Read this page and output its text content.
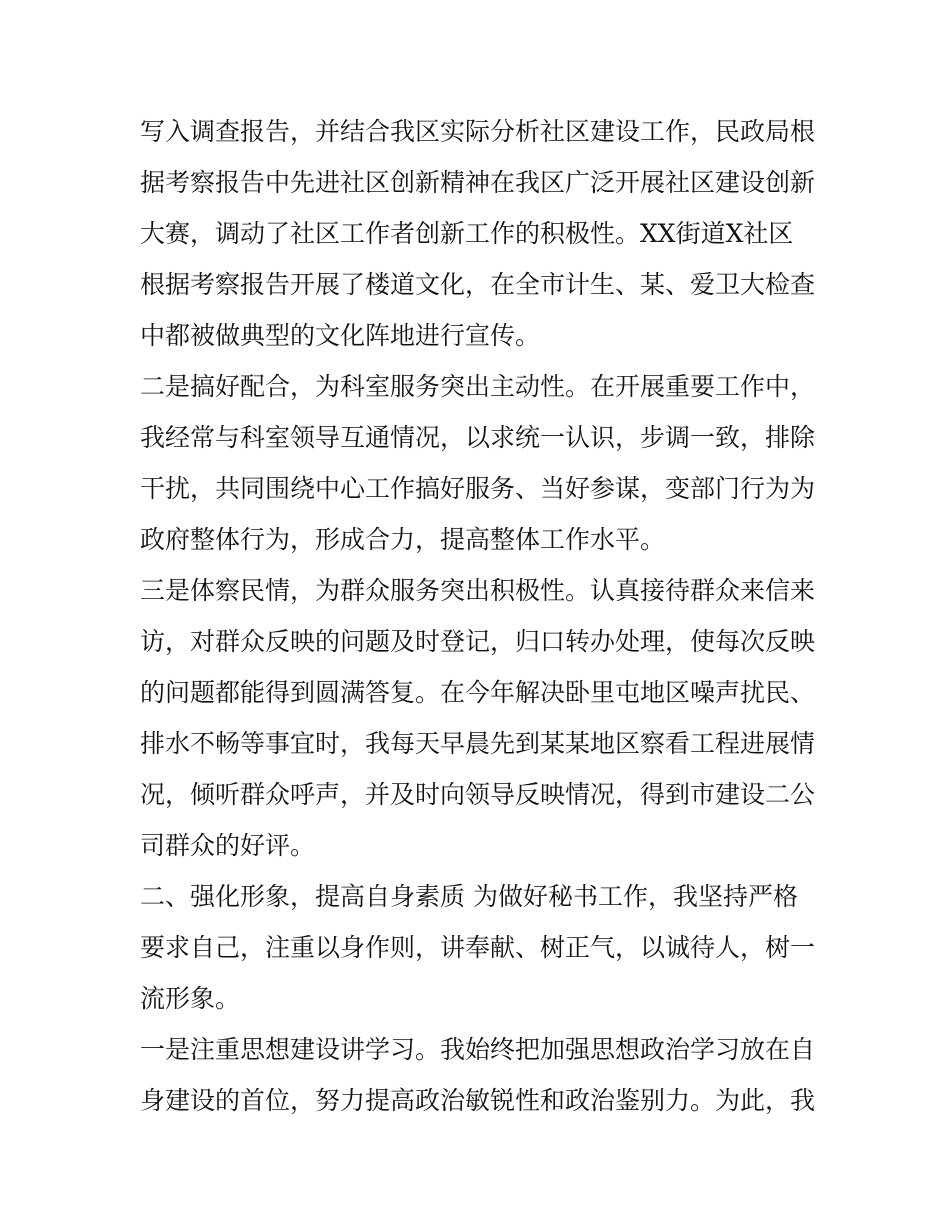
写入调查报告，并结合我区实际分析社区建设工作，民政局根
据考察报告中先进社区创新精神在我区广泛开展社区建设创新
大赛，调动了社区工作者创新工作的积极性。XX街道X社区
根据考察报告开展了楼道文化，在全市计生、某、爱卫大检查
中都被做典型的文化阵地进行宣传。
二是搞好配合，为科室服务突出主动性。在开展重要工作中，
我经常与科室领导互通情况，以求统一认识，步调一致，排除
干扰，共同围绕中心工作搞好服务、当好参谋，变部门行为为
政府整体行为，形成合力，提高整体工作水平。
三是体察民情，为群众服务突出积极性。认真接待群众来信来
访，对群众反映的问题及时登记，归口转办处理，使每次反映
的问题都能得到圆满答复。在今年解决卧里屯地区噪声扰民、
排水不畅等事宜时，我每天早晨先到某某地区察看工程进展情
况，倾听群众呼声，并及时向领导反映情况，得到市建设二公
司群众的好评。
二、强化形象，提高自身素质 为做好秘书工作，我坚持严格
要求自己，注重以身作则，讲奉献、树正气，以诚待人，树一
流形象。
一是注重思想建设讲学习。我始终把加强思想政治学习放在自
身建设的首位，努力提高政治敏锐性和政治鉴别力。为此，我
